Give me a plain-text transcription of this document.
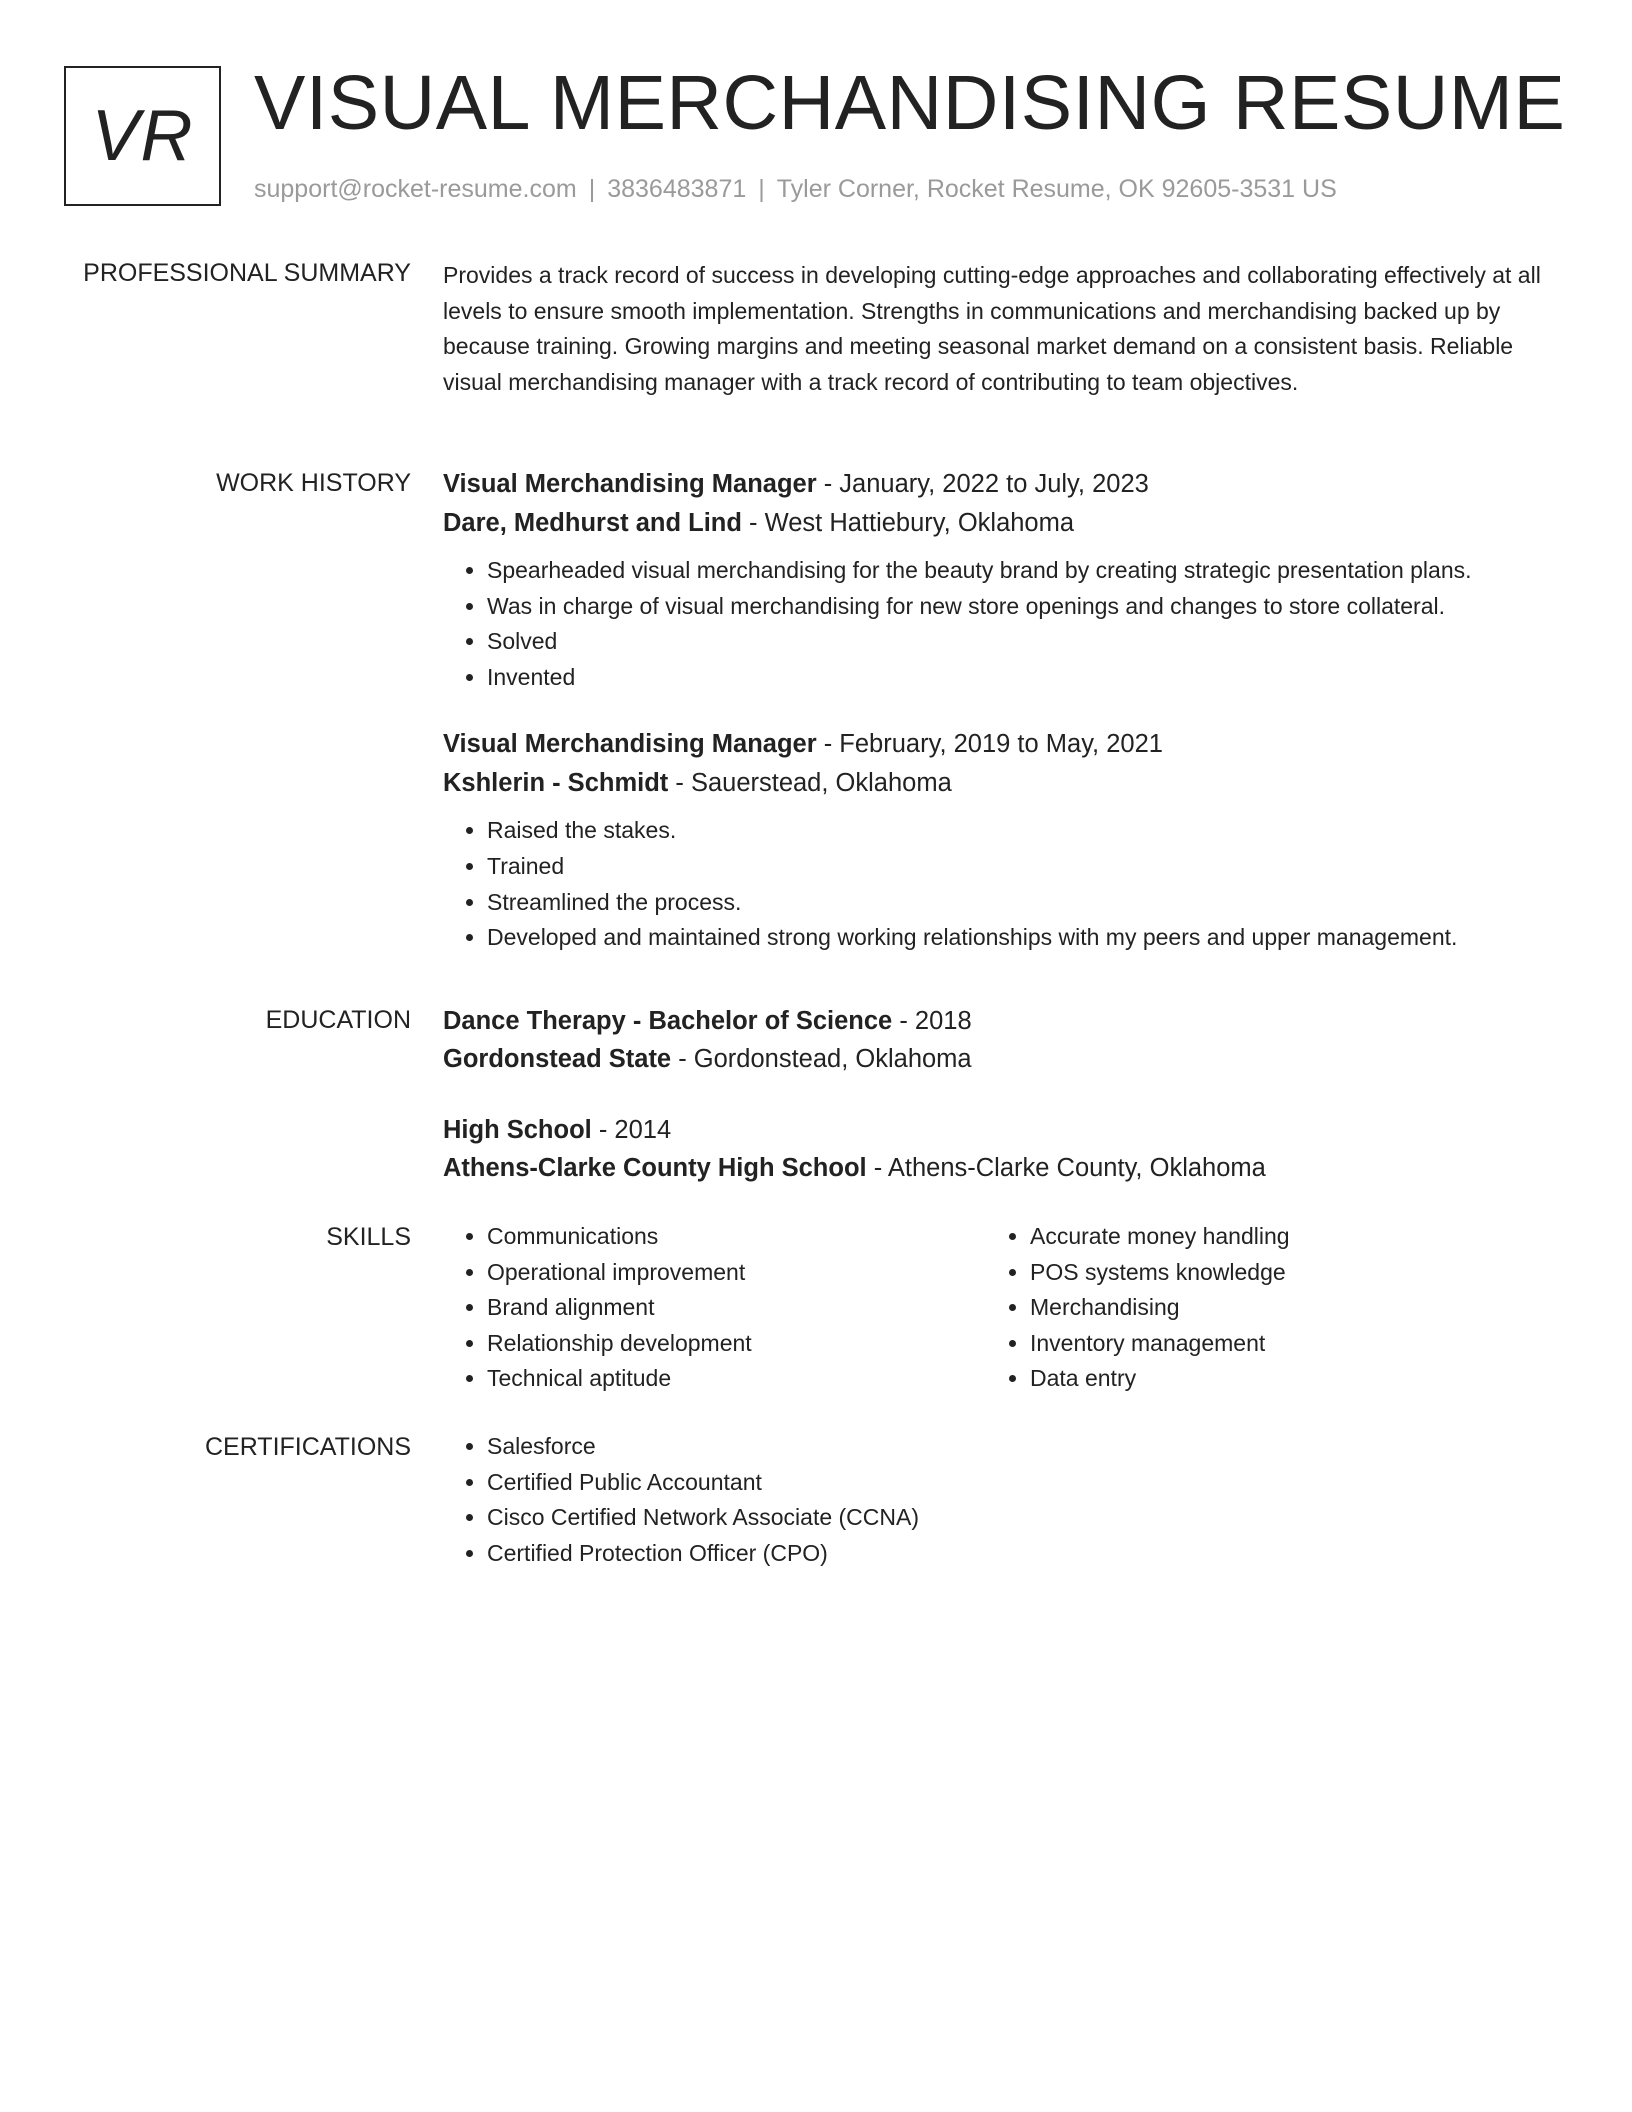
VR VISUAL MERCHANDISING RESUME
support@rocket-resume.com | 3836483871 | Tyler Corner, Rocket Resume, OK 92605-3531 US
PROFESSIONAL SUMMARY Provides a track record of success in developing cutting-edge approaches and collaborating effectively at all levels to ensure smooth implementation. Strengths in communications and merchandising backed up by because training. Growing margins and meeting seasonal market demand on a consistent basis. Reliable visual merchandising manager with a track record of contributing to team objectives.

WORK HISTORY Visual Merchandising Manager - January, 2022 to July, 2023
Dare, Medhurst and Lind - West Hattiebury, Oklahoma
• Spearheaded visual merchandising for the beauty brand by creating strategic presentation plans.
• Was in charge of visual merchandising for new store openings and changes to store collateral.
• Solved
• Invented
Visual Merchandising Manager - February, 2019 to May, 2021
Kshlerin - Schmidt - Sauerstead, Oklahoma
• Raised the stakes.
• Trained
• Streamlined the process.
• Developed and maintained strong working relationships with my peers and upper management.
EDUCATION Dance Therapy - Bachelor of Science - 2018
Gordonstead State - Gordonstead, Oklahoma
High School - 2014
Athens-Clarke County High School - Athens-Clarke County, Oklahoma
SKILLS	• Communications
• Operational improvement
• Brand alignment
• Relationship development
• Technical aptitude
• Accurate money handling
• POS systems knowledge
• Merchandising
• Inventory management
• Data entry
CERTIFICATIONS	• Salesforce
• Certified Public Accountant
• Cisco Certified Network Associate (CCNA)
• Certified Protection Officer (CPO)
